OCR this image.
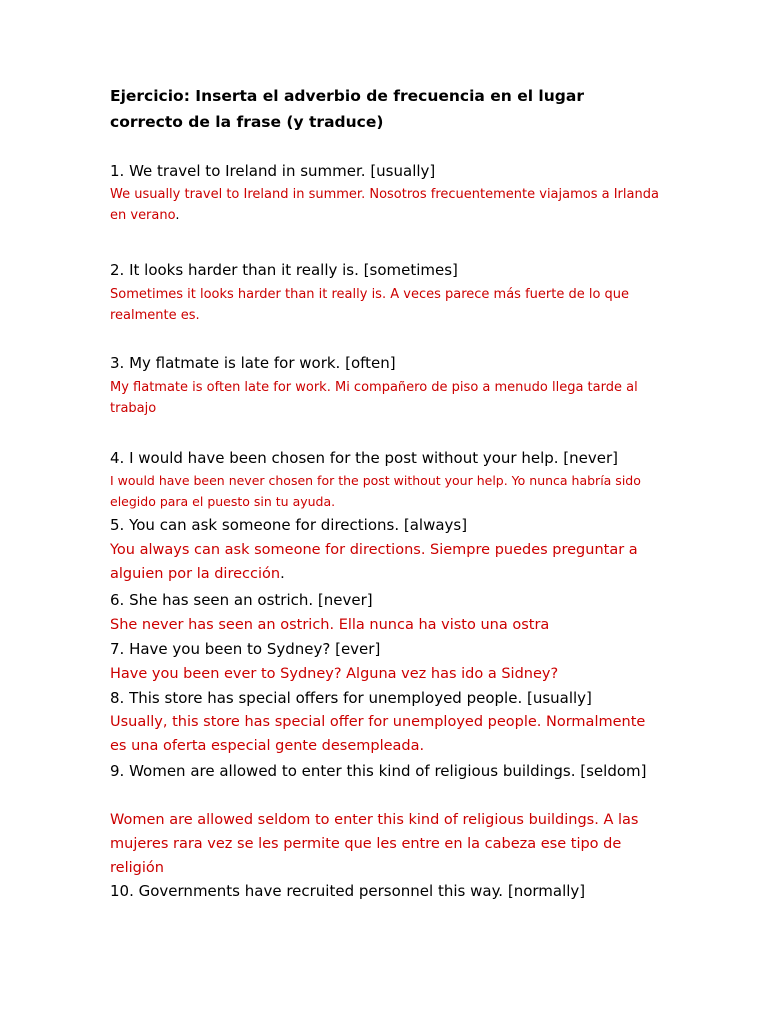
Ejercicio: Inserta el adverbio de frecuencia en el lugar correcto de la frase (y traduce)
1. We travel to Ireland in summer. [usually]
We usually travel to Ireland in summer. Nosotros frecuentemente viajamos a Irlanda en verano.
2. It looks harder than it really is. [sometimes]
Sometimes it looks harder than it really is. A veces parece más fuerte de lo que realmente es.
3. My flatmate is late for work. [often]
My flatmate is often late for work. Mi compañero de piso a menudo llega tarde al trabajo
4. I would have been chosen for the post without your help. [never]
I would have been never chosen for the post without your help. Yo nunca habría sido elegido para el puesto sin tu ayuda.
5. You can ask someone for directions. [always]
You always can ask someone for directions. Siempre puedes preguntar a alguien por la dirección.
6. She has seen an ostrich. [never]
She never has seen an ostrich. Ella nunca ha visto una ostra
7. Have you been to Sydney? [ever]
Have you been ever to Sydney? Alguna vez has ido a Sidney?
8. This store has special offers for unemployed people. [usually]
Usually, this store has special offer for unemployed people. Normalmente es una oferta especial gente desempleada.
9. Women are allowed to enter this kind of religious buildings. [seldom]
Women are allowed seldom to enter this kind of religious buildings. A las mujeres rara vez se les permite que les entre en la cabeza ese tipo de religión
10. Governments have recruited personnel this way. [normally]
